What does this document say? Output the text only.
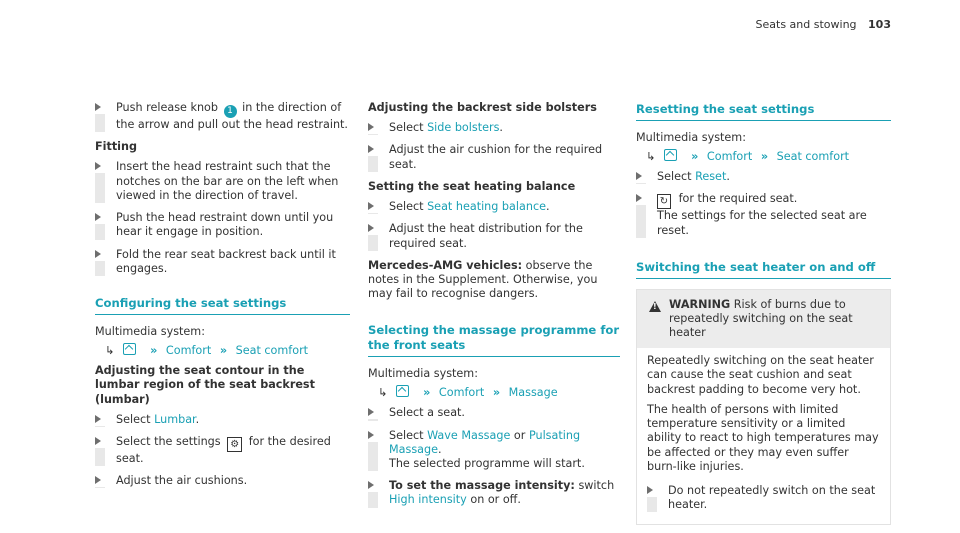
Seats and stowing 103
Push release knob 1 in the direction of the arrow and pull out the head restraint.
Fitting
Insert the head restraint such that the notches on the bar are on the left when viewed in the direction of travel.
Push the head restraint down until you hear it engage in position.
Fold the rear seat backrest back until it engages.
Configuring the seat settings
Multimedia system:
↳	» Comfort » Seat comfort
Adjusting the seat contour in the lumbar region of the seat backrest (lumbar)
Select Lumbar.
Select the settings ⚙ for the desired seat.
Adjust the air cushions.
Adjusting the backrest side bolsters
Select Side bolsters.
Adjust the air cushion for the required seat.
Setting the seat heating balance
Select Seat heating balance.
Adjust the heat distribution for the required seat.
Mercedes-AMG vehicles: observe the notes in the Supplement. Otherwise, you may fail to recognise dangers.
Selecting the massage programme for the front seats
Multimedia system:
↳	» Comfort » Massage
Select a seat.
Select Wave Massage or Pulsating Massage.
The selected programme will start.
To set the massage intensity: switch High intensity on or off.
Resetting the seat settings
Multimedia system:
↳	» Comfort » Seat comfort
Select Reset.
↻ for the required seat.
The settings for the selected seat are reset.
Switching the seat heater on and off
!
WARNING Risk of burns due to repeatedly switching on the seat heater

Repeatedly switching on the seat heater can cause the seat cushion and seat backrest padding to become very hot.

The health of persons with limited temperature sensitivity or a limited ability to react to high temperatures may be affected or they may even suffer burn-like injuries.

Do not repeatedly switch on the seat heater.
